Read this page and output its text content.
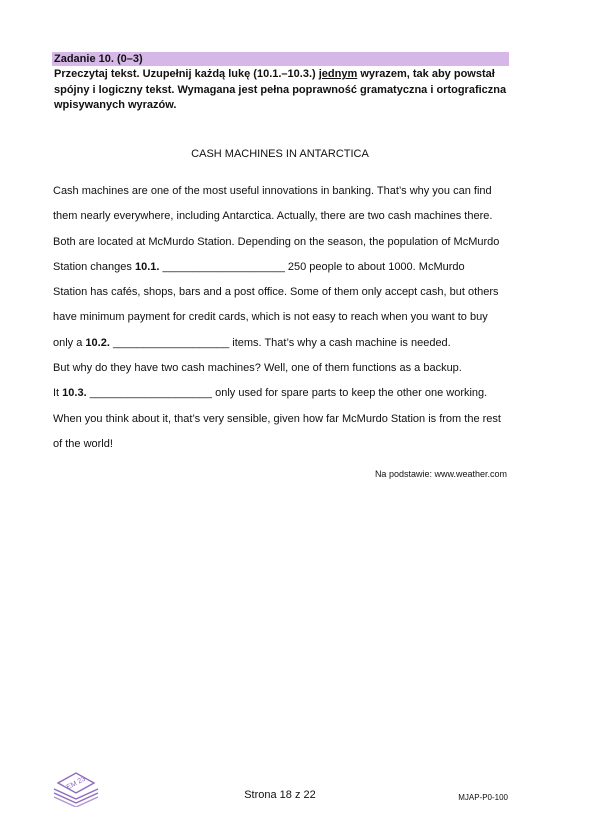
Zadanie 10. (0–3)
Przeczytaj tekst. Uzupełnij każdą lukę (10.1.–10.3.) jednym wyrazem, tak aby powstał
spójny i logiczny tekst. Wymagana jest pełna poprawność gramatyczna i ortograficzna
wpisywanych wyrazów.
CASH MACHINES IN ANTARCTICA
Cash machines are one of the most useful innovations in banking. That’s why you can find
them nearly everywhere, including Antarctica. Actually, there are two cash machines there.
Both are located at McMurdo Station. Depending on the season, the population of McMurdo
Station changes 10.1. ____________________ 250 people to about 1000. McMurdo
Station has cafés, shops, bars and a post office. Some of them only accept cash, but others
have minimum payment for credit cards, which is not easy to reach when you want to buy
only a 10.2. ___________________ items. That’s why a cash machine is needed.
But why do they have two cash machines? Well, one of them functions as a backup.
It 10.3. ____________________ only used for spare parts to keep the other one working.
When you think about it, that’s very sensible, given how far McMurdo Station is from the rest
of the world!
Na podstawie: www.weather.com
EM 23
Strona 18 z 22	MJAP-P0-100
